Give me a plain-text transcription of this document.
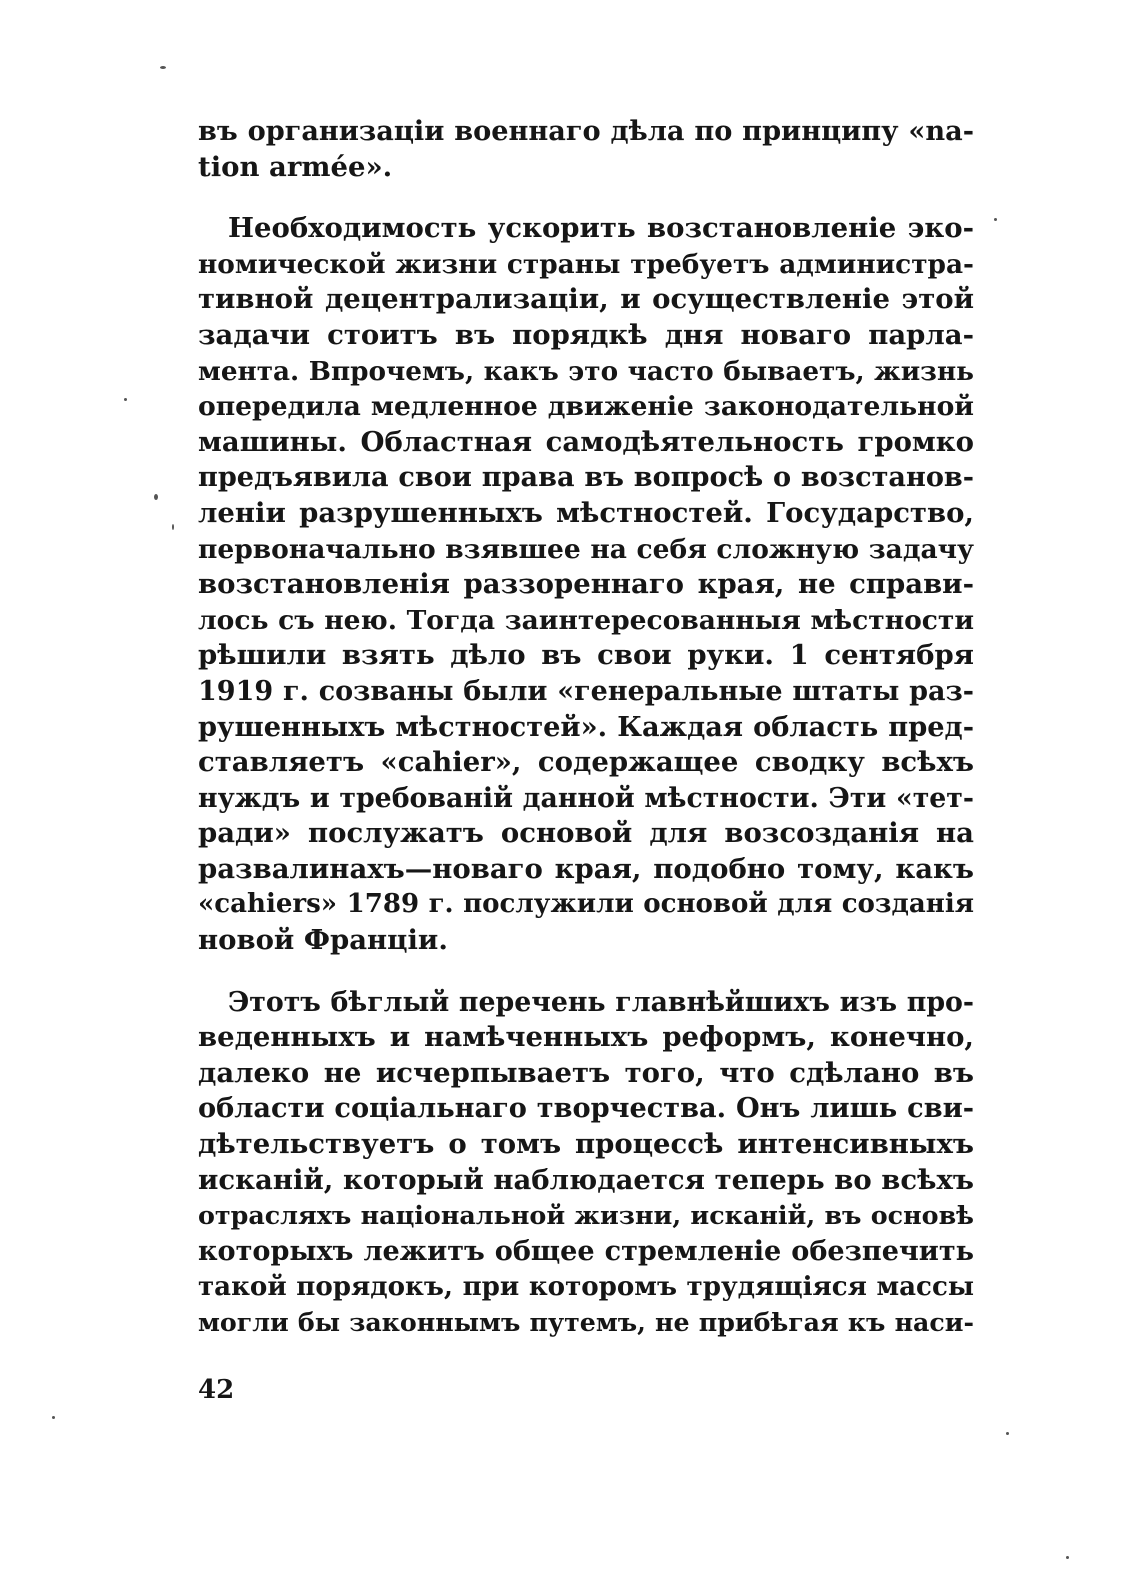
въ организаціи военнаго дѣла по принципу «na-
tion armée».
Необходимость ускорить возстановленіе эко-
номической жизни страны требуетъ администра-
тивной децентрализаціи, и осуществленіе этой
задачи стоитъ въ порядкѣ дня новаго парла-
мента. Впрочемъ, какъ это часто бываетъ, жизнь
опередила медленное движеніе законодательной
машины. Областная самодѣятельность громко
предъявила свои права въ вопросѣ о возстанов-
леніи разрушенныхъ мѣстностей. Государство,
первоначально взявшее на себя сложную задачу
возстановленія раззореннаго края, не справи-
лось съ нею. Тогда заинтересованныя мѣстности
рѣшили взять дѣло въ свои руки. 1 сентября
1919 г. созваны были «генеральные штаты раз-
рушенныхъ мѣстностей». Каждая область пред-
ставляетъ «cahier», содержащее сводку всѣхъ
нуждъ и требованій данной мѣстности. Эти «тет-
ради» послужатъ основой для возсозданія на
развалинахъ—новаго края, подобно тому, какъ
«cahiers» 1789 г. послужили основой для созданія
новой Франціи.
Этотъ бѣглый перечень главнѣйшихъ изъ про-
веденныхъ и намѣченныхъ реформъ, конечно,
далеко не исчерпываетъ того, что сдѣлано въ
области соціальнаго творчества. Онъ лишь сви-
дѣтельствуетъ о томъ процессѣ интенсивныхъ
исканій, который наблюдается теперь во всѣхъ
отрасляхъ національной жизни, исканій, въ основѣ
которыхъ лежитъ общее стремленіе обезпечить
такой порядокъ, при которомъ трудящіяся массы
могли бы законнымъ путемъ, не прибѣгая къ наси-
42
